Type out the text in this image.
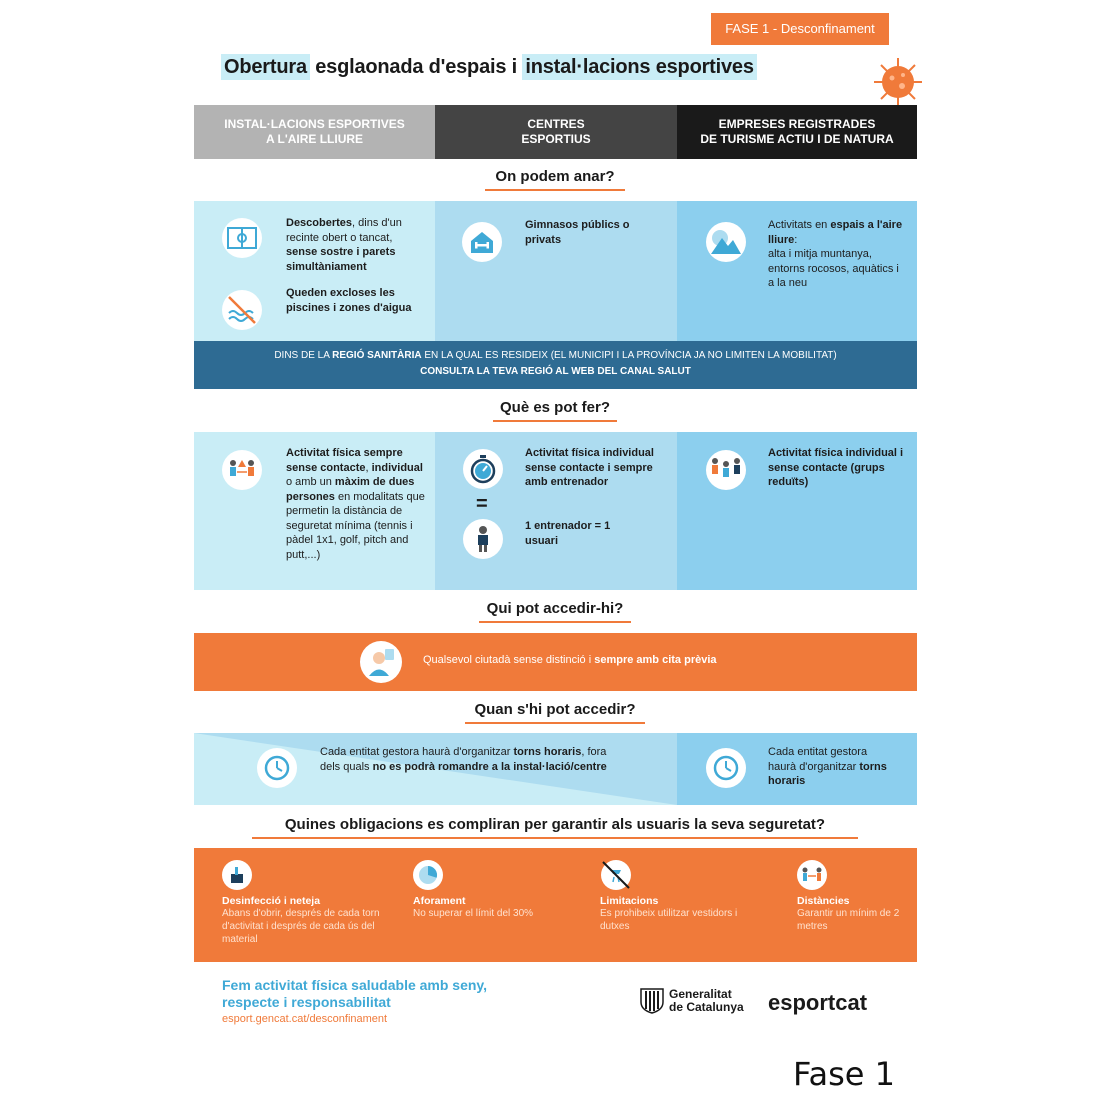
FASE 1 - Desconfinament
Obertura esglaonada d'espais i instal·lacions esportives
INSTAL·LACIONS ESPORTIVES
A L'AIRE LLIURE
CENTRES
ESPORTIUS
EMPRESES REGISTRADES
DE TURISME ACTIU I DE NATURA
On podem anar?
Descobertes, dins d'un recinte obert o tancat, sense sostre i parets simultàniament
Queden excloses les piscines i zones d'aigua
Gimnasos públics o privats
Activitats en espais a l'aire lliure:
alta i mitja muntanya, entorns rocosos, aquàtics i a la neu
DINS DE LA REGIÓ SANITÀRIA EN LA QUAL ES RESIDEIX (EL MUNICIPI I LA PROVÍNCIA JA NO LIMITEN LA MOBILITAT)
CONSULTA LA TEVA REGIÓ AL WEB DEL CANAL SALUT
Què es pot fer?
Activitat física sempre sense contacte, individual o amb un màxim de dues persones en modalitats que permetin la distància de seguretat mínima (tennis i pàdel 1x1, golf, pitch and putt,...)
=
Activitat física individual sense contacte i sempre amb entrenador
1 entrenador = 1 usuari
Activitat física individual i sense contacte (grups reduïts)
Qui pot accedir-hi?
Qualsevol ciutadà sense distinció i sempre amb cita prèvia
Quan s'hi pot accedir?
Cada entitat gestora haurà d'organitzar torns horaris, fora dels quals no es podrà romandre a la instal·lació/centre
Cada entitat gestora haurà d'organitzar torns horaris
Quines obligacions es compliran per garantir als usuaris la seva seguretat?
Desinfecció i neteja
Abans d'obrir, després de cada torn d'activitat i després de cada ús del material
Aforament
No superar el límit del 30%
Limitacions
Es prohibeix utilitzar vestidors i dutxes
Distàncies
Garantir un mínim de 2 metres
Fem activitat física saludable amb seny,
respecte i responsabilitat
esport.gencat.cat/desconfinament
Generalitat
de Catalunya esportcat
Fase 1
